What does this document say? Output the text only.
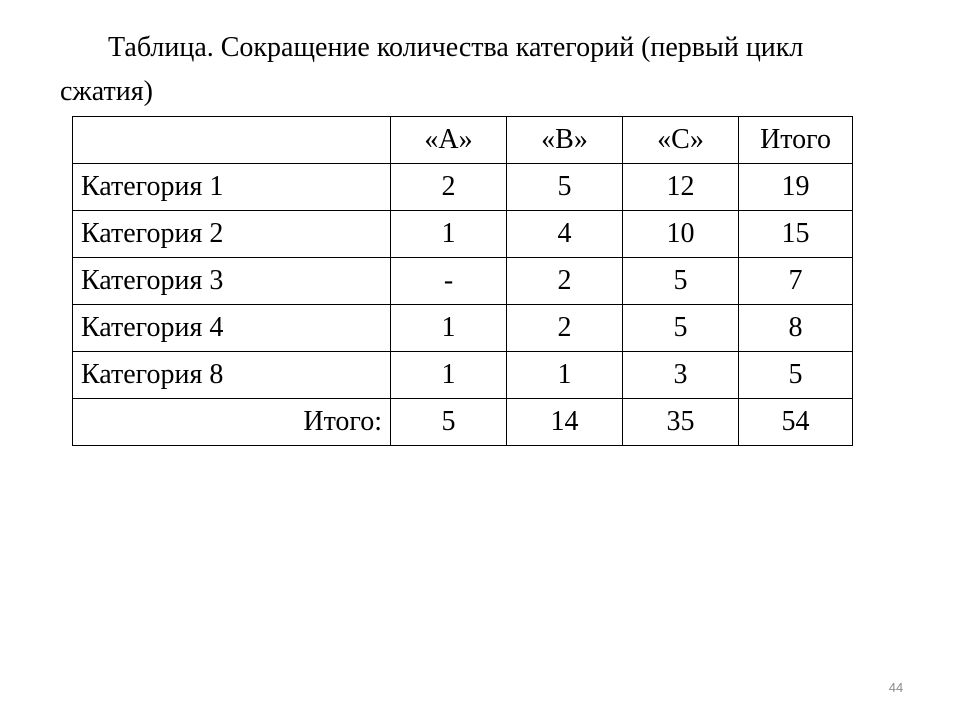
Таблица. Сокращение количества категорий (первый цикл сжатия)
	«А»	«В»	«С»	Итого
Категория 1	2	5	12	19
Категория 2	1	4	10	15
Категория 3	-	2	5	7
Категория 4	1	2	5	8
Категория 8	1	1	3	5
Итого:	5	14	35	54
44
